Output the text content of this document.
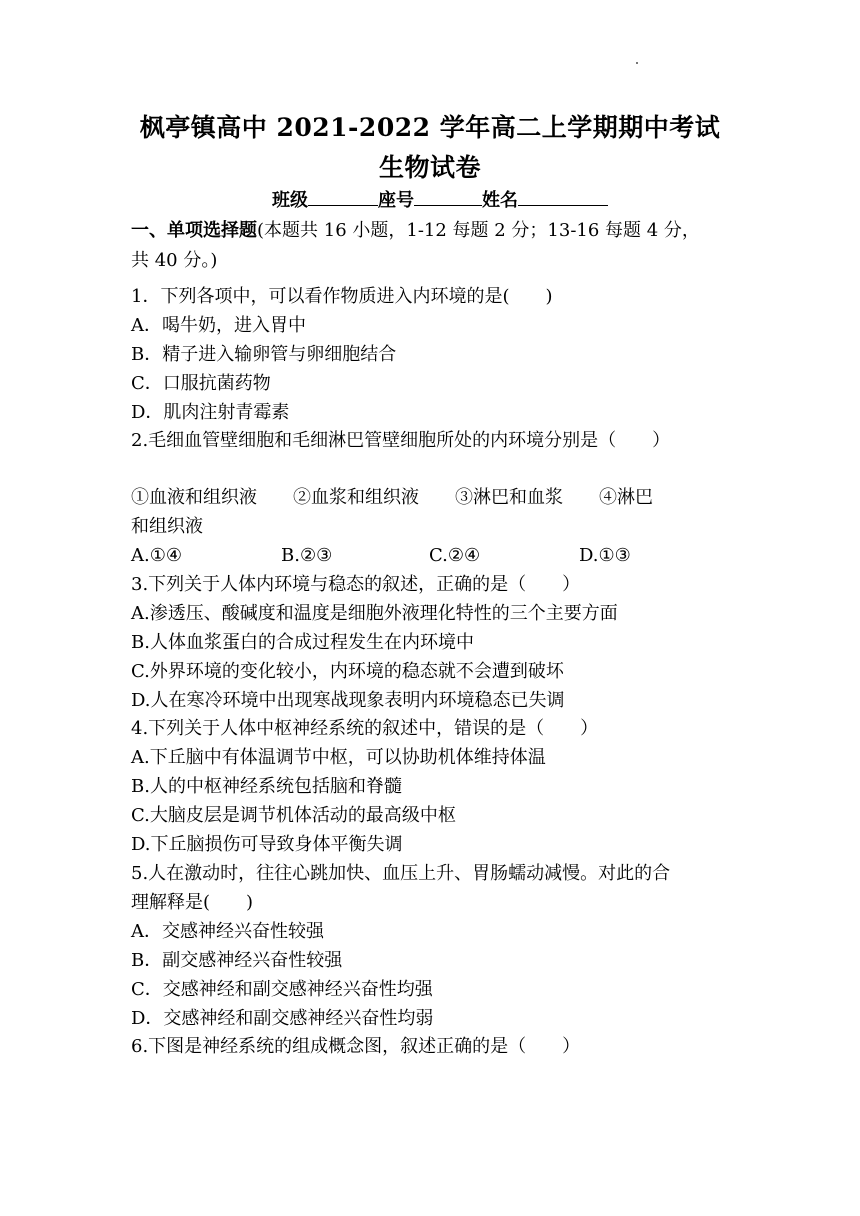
枫亭镇高中 2021-2022 学年高二上学期期中考试
生物试卷
班级	座号	姓名
一、单项选择题(本题共 16 小题，1-12 每题 2 分；13-16 每题 4 分，
共 40 分。)
1．下列各项中，可以看作物质进入内环境的是(　　)
A．喝牛奶，进入胃中
B．精子进入输卵管与卵细胞结合
C．口服抗菌药物
D．肌肉注射青霉素
2.毛细血管壁细胞和毛细淋巴管壁细胞所处的内环境分别是（　　）
①血液和组织液　　②血浆和组织液　　③淋巴和血浆　　④淋巴
和组织液
A.①④	B.②③	C.②④	D.①③
3.下列关于人体内环境与稳态的叙述，正确的是（　　）
A.渗透压、酸碱度和温度是细胞外液理化特性的三个主要方面
B.人体血浆蛋白的合成过程发生在内环境中
C.外界环境的变化较小，内环境的稳态就不会遭到破坏
D.人在寒冷环境中出现寒战现象表明内环境稳态已失调
4.下列关于人体中枢神经系统的叙述中，错误的是（　　）
A.下丘脑中有体温调节中枢，可以协助机体维持体温
B.人的中枢神经系统包括脑和脊髓
C.大脑皮层是调节机体活动的最高级中枢
D.下丘脑损伤可导致身体平衡失调
5.人在激动时，往往心跳加快、血压上升、胃肠蠕动减慢。对此的合
理解释是(　　)
A．交感神经兴奋性较强
B．副交感神经兴奋性较强
C．交感神经和副交感神经兴奋性均强
D．交感神经和副交感神经兴奋性均弱
6.下图是神经系统的组成概念图，叙述正确的是（　　）
